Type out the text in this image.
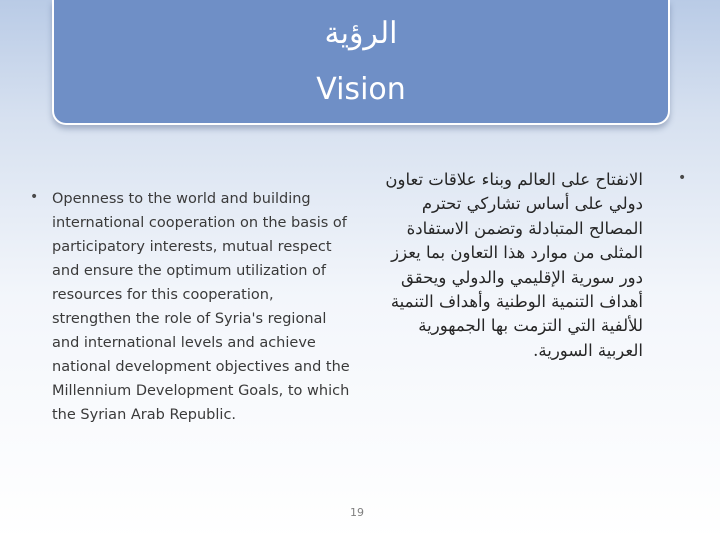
الرؤية
Vision
• Openness to the world and building international cooperation on the basis of participatory interests, mutual respect and ensure the optimum utilization of resources for this cooperation, strengthen the role of Syria's regional and international levels and achieve national development objectives and the Millennium Development Goals, to which the Syrian Arab Republic.
•
الانفتاح على العالم وبناء علاقات تعاون دولي على أساس تشاركي تحترم المصالح المتبادلة وتضمن الاستفادة المثلى من موارد هذا التعاون بما يعزز دور سورية الإقليمي والدولي ويحقق أهداف التنمية الوطنية وأهداف التنمية للألفية التي التزمت بها الجمهورية العربية السورية.
19
